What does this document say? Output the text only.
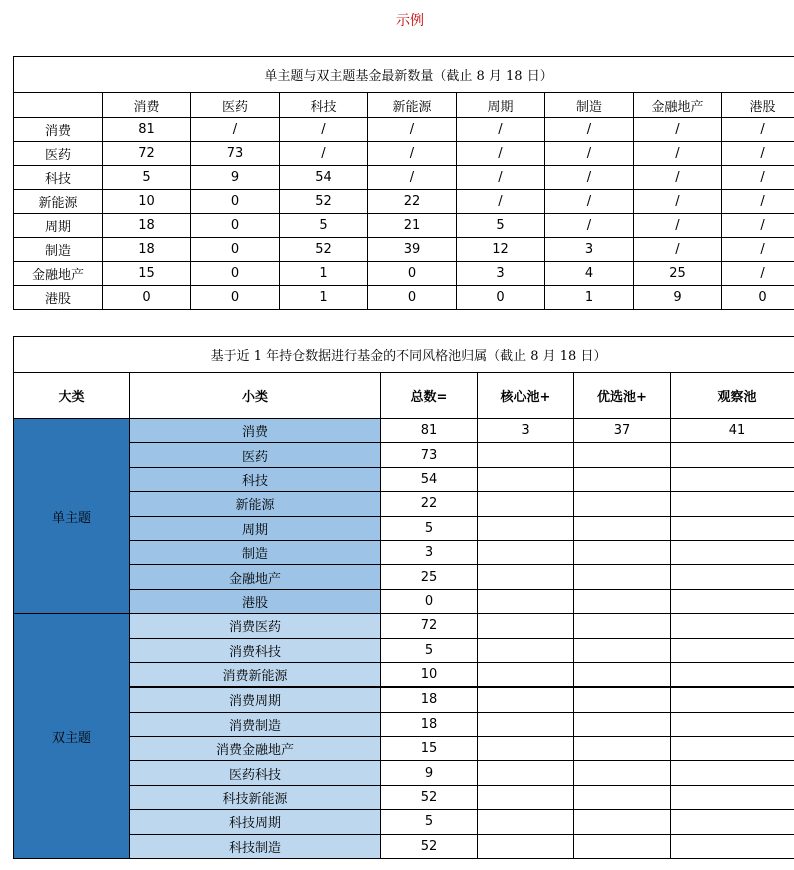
示例
单主题与双主题基金最新数量（截止 8 月 18 日）								
	消费	医药	科技	新能源	周期	制造	金融地产	港股
消费	81	/	/	/	/	/	/	/
医药	72	73	/	/	/	/	/	/
科技	5	9	54	/	/	/	/	/
新能源	10	0	52	22	/	/	/	/
周期	18	0	5	21	5	/	/	/
制造	18	0	52	39	12	3	/	/
金融地产	15	0	1	0	3	4	25	/
港股	0	0	1	0	0	1	9	0
基于近 1 年持仓数据进行基金的不同风格池归属（截止 8 月 18 日）					
大类	小类	总数=	核心池+	优选池+	观察池
单主题	消费	81	3	37	41
	医药	73			
	科技	54			
	新能源	22			
	周期	5			
	制造	3			
	金融地产	25			
	港股	0			
双主题	消费医药	72			
	消费科技	5			
	消费新能源	10			
	消费周期	18			
	消费制造	18			
	消费金融地产	15			
	医药科技	9			
	科技新能源	52			
	科技周期	5			
	科技制造	52			
